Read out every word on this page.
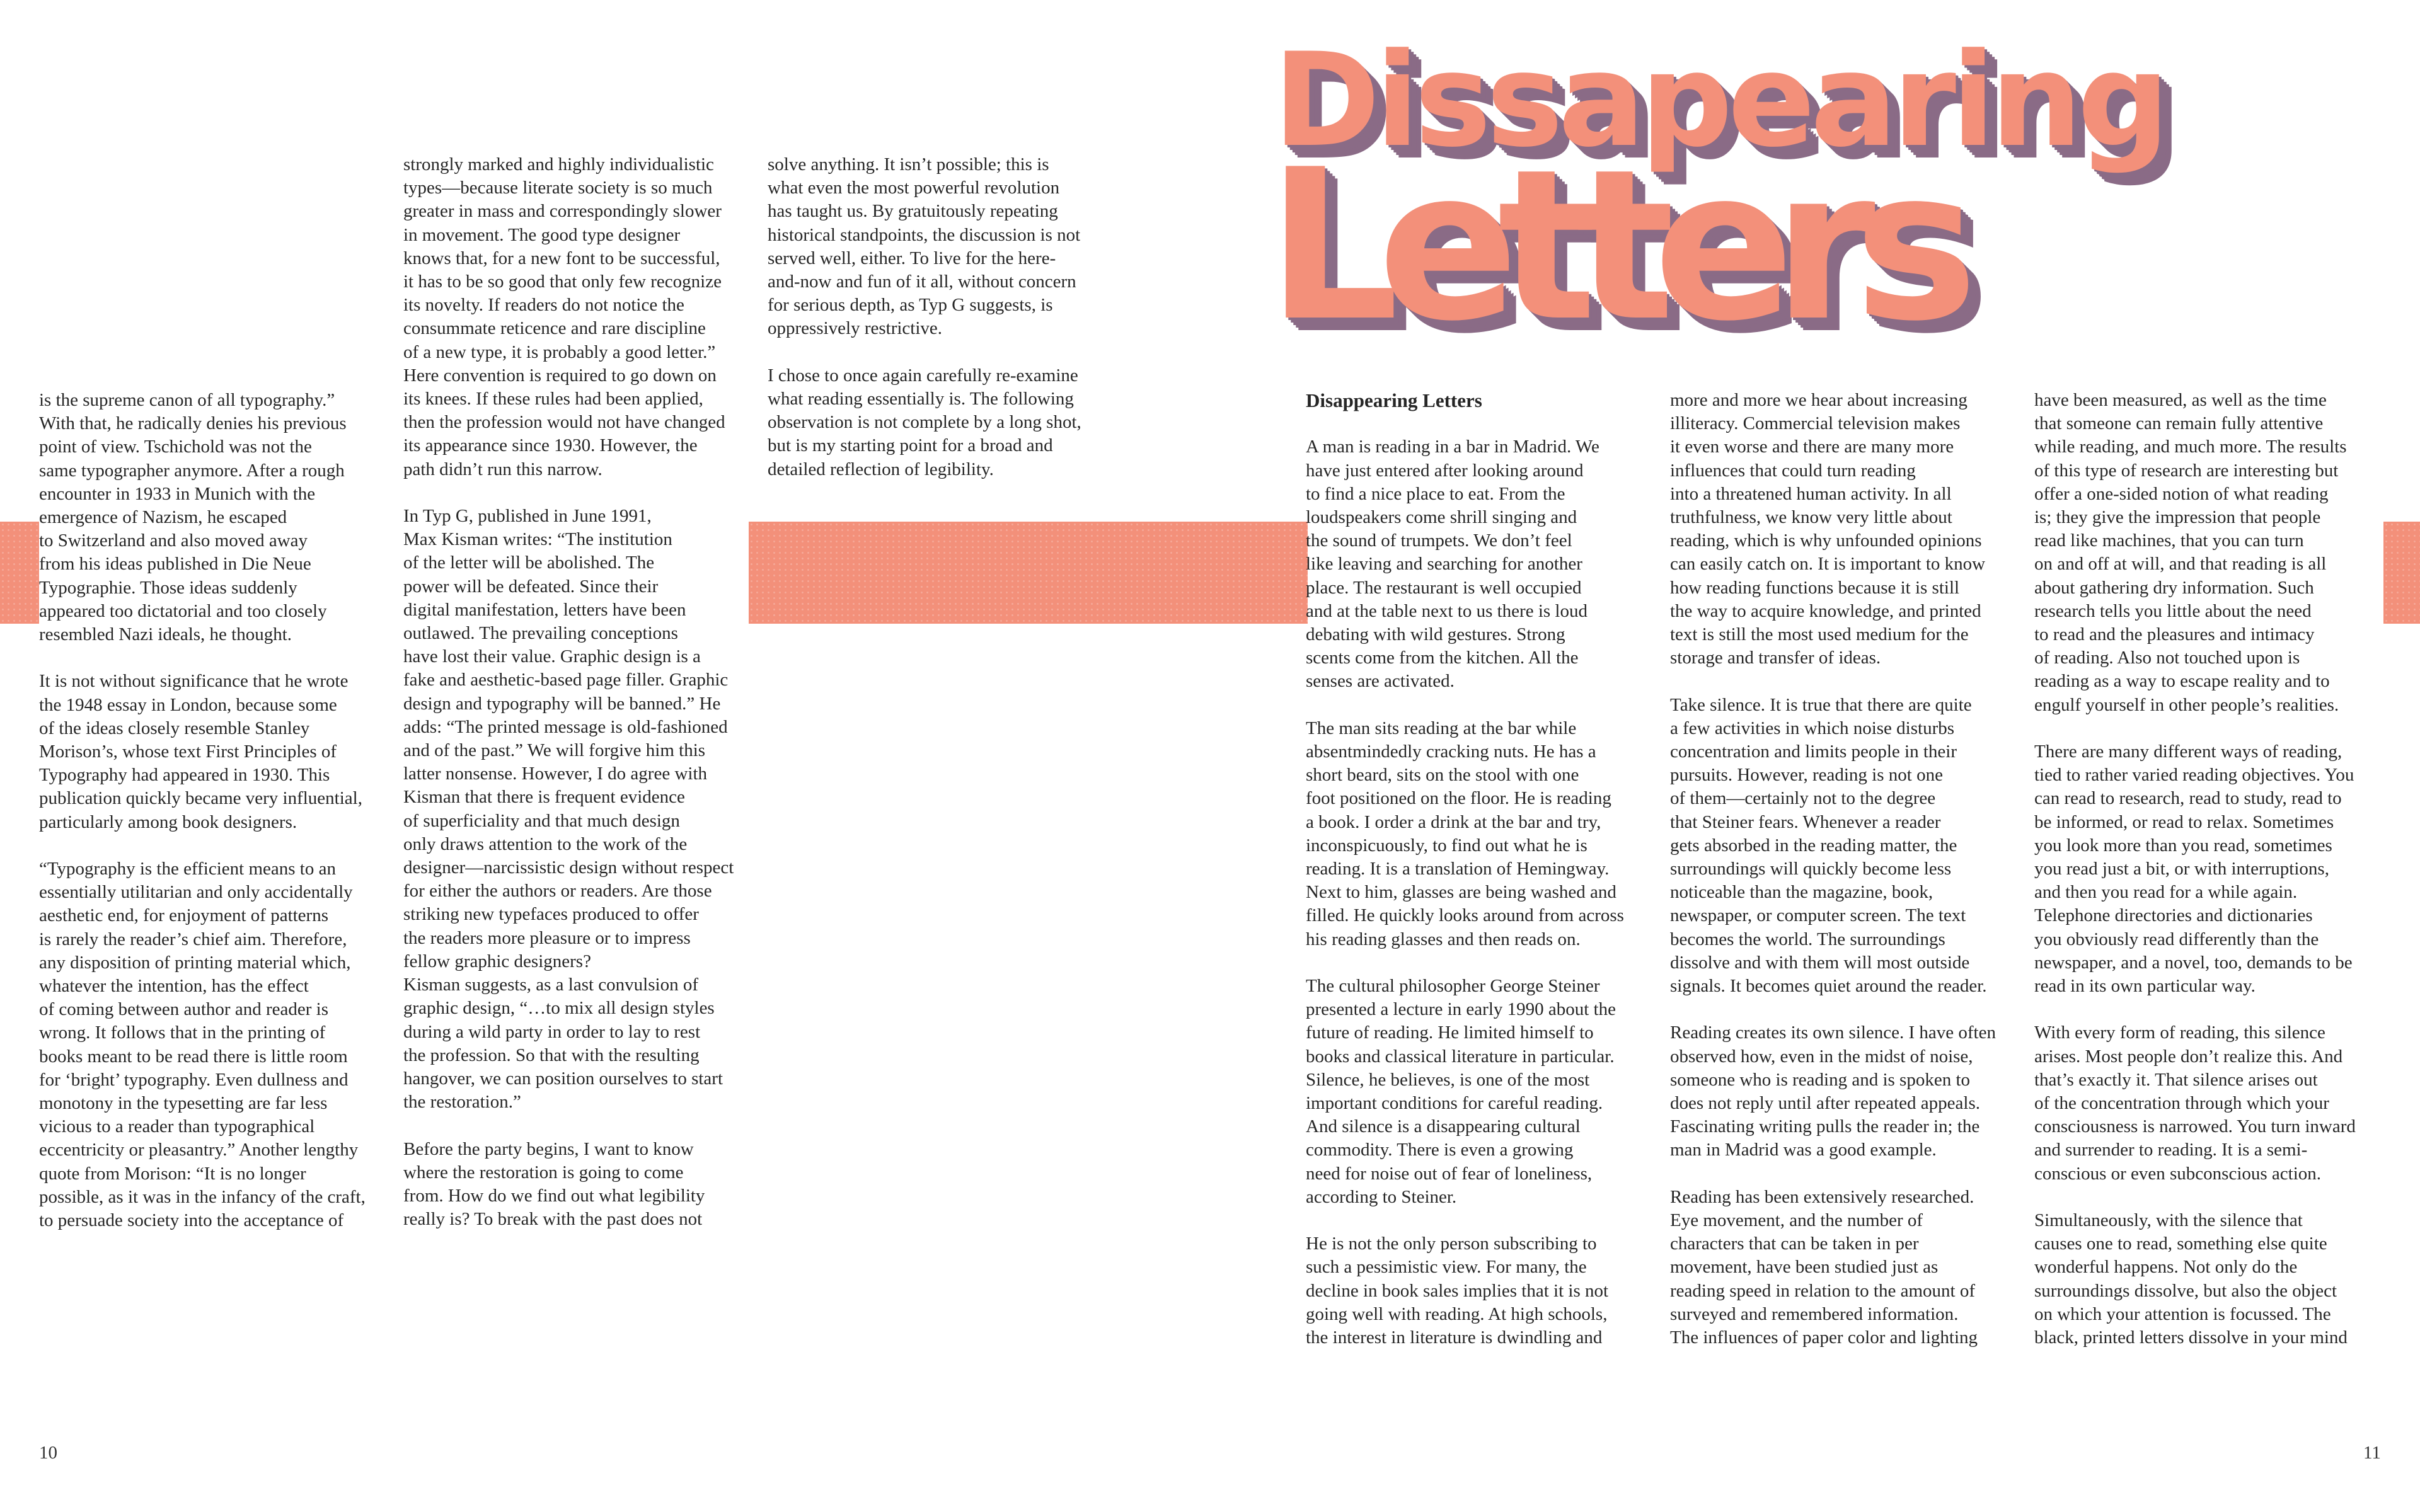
Dissapearing
Letters

is the supreme canon of all typography.”

With that, he radically denies his previous

point of view. Tschichold was not the

same typographer anymore. After a rough

encounter in 1933 in Munich with the

emergence of Nazism, he escaped

to Switzerland and also moved away

from his ideas published in Die Neue

Typographie. Those ideas suddenly

appeared too dictatorial and too closely

resembled Nazi ideals, he thought.

It is not without significance that he wrote

the 1948 essay in London, because some

of the ideas closely resemble Stanley

Morison’s, whose text First Principles of

Typography had appeared in 1930. This

publication quickly became very influential,

particularly among book designers.

“Typography is the efficient means to an

essentially utilitarian and only accidentally

aesthetic end, for enjoyment of patterns

is rarely the reader’s chief aim. Therefore,

any disposition of printing material which,

whatever the intention, has the effect

of coming between author and reader is

wrong. It follows that in the printing of

books meant to be read there is little room

for ‘bright’ typography. Even dullness and

monotony in the typesetting are far less

vicious to a reader than typographical

eccentricity or pleasantry.” Another lengthy

quote from Morison: “It is no longer

possible, as it was in the infancy of the craft,

to persuade society into the acceptance of

strongly marked and highly individualistic

types—because literate society is so much

greater in mass and correspondingly slower

in movement. The good type designer

knows that, for a new font to be successful,

it has to be so good that only few recognize

its novelty. If readers do not notice the

consummate reticence and rare discipline

of a new type, it is probably a good letter.”

Here convention is required to go down on

its knees. If these rules had been applied,

then the profession would not have changed

its appearance since 1930. However, the

path didn’t run this narrow.

In Typ G, published in June 1991,

Max Kisman writes: “The institution

of the letter will be abolished. The

power will be defeated. Since their

digital manifestation, letters have been

outlawed. The prevailing conceptions

have lost their value. Graphic design is a

fake and aesthetic-based page filler. Graphic

design and typography will be banned.” He

adds: “The printed message is old-fashioned

and of the past.” We will forgive him this

latter nonsense. However, I do agree with

Kisman that there is frequent evidence

of superficiality and that much design

only draws attention to the work of the

designer—narcissistic design without respect

for either the authors or readers. Are those

striking new typefaces produced to offer

the readers more pleasure or to impress

fellow graphic designers?

Kisman suggests, as a last convulsion of

graphic design, “…to mix all design styles

during a wild party in order to lay to rest

the profession. So that with the resulting

hangover, we can position ourselves to start

the restoration.”

Before the party begins, I want to know

where the restoration is going to come

from. How do we find out what legibility

really is? To break with the past does not

solve anything. It isn’t possible; this is

what even the most powerful revolution

has taught us. By gratuitously repeating

historical standpoints, the discussion is not

served well, either. To live for the here-

and-now and fun of it all, without concern

for serious depth, as Typ G suggests, is

oppressively restrictive.

I chose to once again carefully re-examine

what reading essentially is. The following

observation is not complete by a long shot,

but is my starting point for a broad and

detailed reflection of legibility.

Disappearing Letters

A man is reading in a bar in Madrid. We

have just entered after looking around

to find a nice place to eat. From the

loudspeakers come shrill singing and

the sound of trumpets. We don’t feel

like leaving and searching for another

place. The restaurant is well occupied

and at the table next to us there is loud

debating with wild gestures. Strong

scents come from the kitchen. All the

senses are activated.

The man sits reading at the bar while

absentmindedly cracking nuts. He has a

short beard, sits on the stool with one

foot positioned on the floor. He is reading

a book. I order a drink at the bar and try,

inconspicuously, to find out what he is

reading. It is a translation of Hemingway.

Next to him, glasses are being washed and

filled. He quickly looks around from across

his reading glasses and then reads on.

The cultural philosopher George Steiner

presented a lecture in early 1990 about the

future of reading. He limited himself to

books and classical literature in particular.

Silence, he believes, is one of the most

important conditions for careful reading.

And silence is a disappearing cultural

commodity. There is even a growing

need for noise out of fear of loneliness,

according to Steiner.

He is not the only person subscribing to

such a pessimistic view. For many, the

decline in book sales implies that it is not

going well with reading. At high schools,

the interest in literature is dwindling and

more and more we hear about increasing

illiteracy. Commercial television makes

it even worse and there are many more

influences that could turn reading

into a threatened human activity. In all

truthfulness, we know very little about

reading, which is why unfounded opinions

can easily catch on. It is important to know

how reading functions because it is still

the way to acquire knowledge, and printed

text is still the most used medium for the

storage and transfer of ideas.

Take silence. It is true that there are quite

a few activities in which noise disturbs

concentration and limits people in their

pursuits. However, reading is not one

of them—certainly not to the degree

that Steiner fears. Whenever a reader

gets absorbed in the reading matter, the

surroundings will quickly become less

noticeable than the magazine, book,

newspaper, or computer screen. The text

becomes the world. The surroundings

dissolve and with them will most outside

signals. It becomes quiet around the reader.

Reading creates its own silence. I have often

observed how, even in the midst of noise,

someone who is reading and is spoken to

does not reply until after repeated appeals.

Fascinating writing pulls the reader in; the

man in Madrid was a good example.

Reading has been extensively researched.

Eye movement, and the number of

characters that can be taken in per

movement, have been studied just as

reading speed in relation to the amount of

surveyed and remembered information.

The influences of paper color and lighting

have been measured, as well as the time

that someone can remain fully attentive

while reading, and much more. The results

of this type of research are interesting but

offer a one-sided notion of what reading

is; they give the impression that people

read like machines, that you can turn

on and off at will, and that reading is all

about gathering dry information. Such

research tells you little about the need

to read and the pleasures and intimacy

of reading. Also not touched upon is

reading as a way to escape reality and to

engulf yourself in other people’s realities.

There are many different ways of reading,

tied to rather varied reading objectives. You

can read to research, read to study, read to

be informed, or read to relax. Sometimes

you look more than you read, sometimes

you read just a bit, or with interruptions,

and then you read for a while again.

Telephone directories and dictionaries

you obviously read differently than the

newspaper, and a novel, too, demands to be

read in its own particular way.

With every form of reading, this silence

arises. Most people don’t realize this. And

that’s exactly it. That silence arises out

of the concentration through which your

consciousness is narrowed. You turn inward

and surrender to reading. It is a semi-

conscious or even subconscious action.

Simultaneously, with the silence that

causes one to read, something else quite

wonderful happens. Not only do the

surroundings dissolve, but also the object

on which your attention is focussed. The

black, printed letters dissolve in your mind

10	11
